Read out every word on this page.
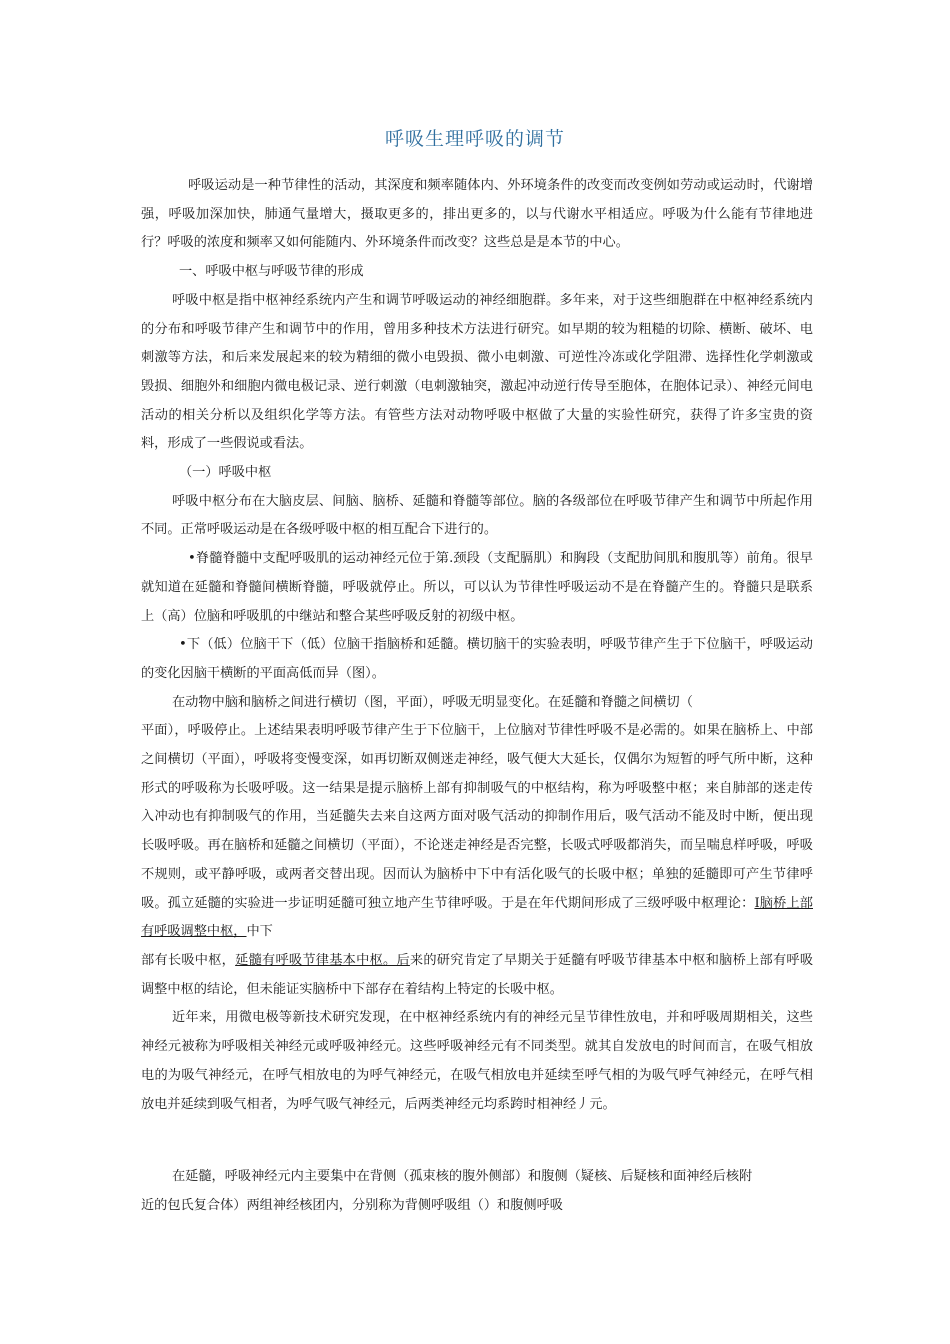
呼吸生理呼吸的调节

呼吸运动是一种节律性的活动，其深度和频率随体内、外环境条件的改变而改变例如劳动或运动时，代谢增强，呼吸加深加快，肺通气量增大，摄取更多的，排出更多的，以与代谢水平相适应。呼吸为什么能有节律地进行？呼吸的浓度和频率又如何能随内、外环境条件而改变？这些总是是本节的中心。

一、呼吸中枢与呼吸节律的形成

呼吸中枢是指中枢神经系统内产生和调节呼吸运动的神经细胞群。多年来，对于这些细胞群在中枢神经系统内的分布和呼吸节律产生和调节中的作用，曾用多种技术方法进行研究。如早期的较为粗糙的切除、横断、破坏、电刺激等方法，和后来发展起来的较为精细的微小电毁损、微小电刺激、可逆性冷冻或化学阻滞、选择性化学刺激或毁损、细胞外和细胞内微电极记录、逆行刺激（电刺激轴突，激起冲动逆行传导至胞体，在胞体记录）、神经元间电活动的相关分析以及组织化学等方法。有管些方法对动物呼吸中枢做了大量的实验性研究，获得了许多宝贵的资料，形成了一些假说或看法。

（一）呼吸中枢

呼吸中枢分布在大脑皮层、间脑、脑桥、延髓和脊髓等部位。脑的各级部位在呼吸节律产生和调节中所起作用不同。正常呼吸运动是在各级呼吸中枢的相互配合下进行的。

•脊髓脊髓中支配呼吸肌的运动神经元位于第.颈段（支配膈肌）和胸段（支配肋间肌和腹肌等）前角。很早就知道在延髓和脊髓间横断脊髓，呼吸就停止。所以，可以认为节律性呼吸运动不是在脊髓产生的。脊髓只是联系上（高）位脑和呼吸肌的中继站和整合某些呼吸反射的初级中枢。

•下（低）位脑干下（低）位脑干指脑桥和延髓。横切脑干的实验表明，呼吸节律产生于下位脑干，呼吸运动的变化因脑干横断的平面高低而异（图）。

在动物中脑和脑桥之间进行横切（图，平面），呼吸无明显变化。在延髓和脊髓之间横切（

平面），呼吸停止。上述结果表明呼吸节律产生于下位脑干，上位脑对节律性呼吸不是必需的。如果在脑桥上、中部之间横切（平面），呼吸将变慢变深，如再切断双侧迷走神经，吸气便大大延长，仅偶尔为短暂的呼气所中断，这种形式的呼吸称为长吸呼吸。这一结果是提示脑桥上部有抑制吸气的中枢结构，称为呼吸整中枢；来自肺部的迷走传入冲动也有抑制吸气的作用，当延髓失去来自这两方面对吸气活动的抑制作用后，吸气活动不能及时中断，便出现长吸呼吸。再在脑桥和延髓之间横切（平面），不论迷走神经是否完整，长吸式呼吸都消失，而呈喘息样呼吸，呼吸不规则，或平静呼吸，或两者交替出现。因而认为脑桥中下中有活化吸气的长吸中枢；单独的延髓即可产生节律呼吸。孤立延髓的实验进一步证明延髓可独立地产生节律呼吸。于是在年代期间形成了三级呼吸中枢理论：I脑桥上部有呼吸调整中枢，中下

部有长吸中枢，延髓有呼吸节律基本中枢。后来的研究肯定了早期关于延髓有呼吸节律基本中枢和脑桥上部有呼吸调整中枢的结论，但未能证实脑桥中下部存在着结构上特定的长吸中枢。

近年来，用微电极等新技术研究发现，在中枢神经系统内有的神经元呈节律性放电，并和呼吸周期相关，这些神经元被称为呼吸相关神经元或呼吸神经元。这些呼吸神经元有不同类型。就其自发放电的时间而言，在吸气相放电的为吸气神经元，在呼气相放电的为呼气神经元，在吸气相放电并延续至呼气相的为吸气呼气神经元，在呼气相放电并延续到吸气相者，为呼气吸气神经元，后两类神经元均系跨时相神经丿元。

在延髓，呼吸神经元内主要集中在背侧（孤束核的腹外侧部）和腹侧（疑核、后疑核和面神经后核附

近的包氏复合体）两组神经核团内，分别称为背侧呼吸组（）和腹侧呼吸
